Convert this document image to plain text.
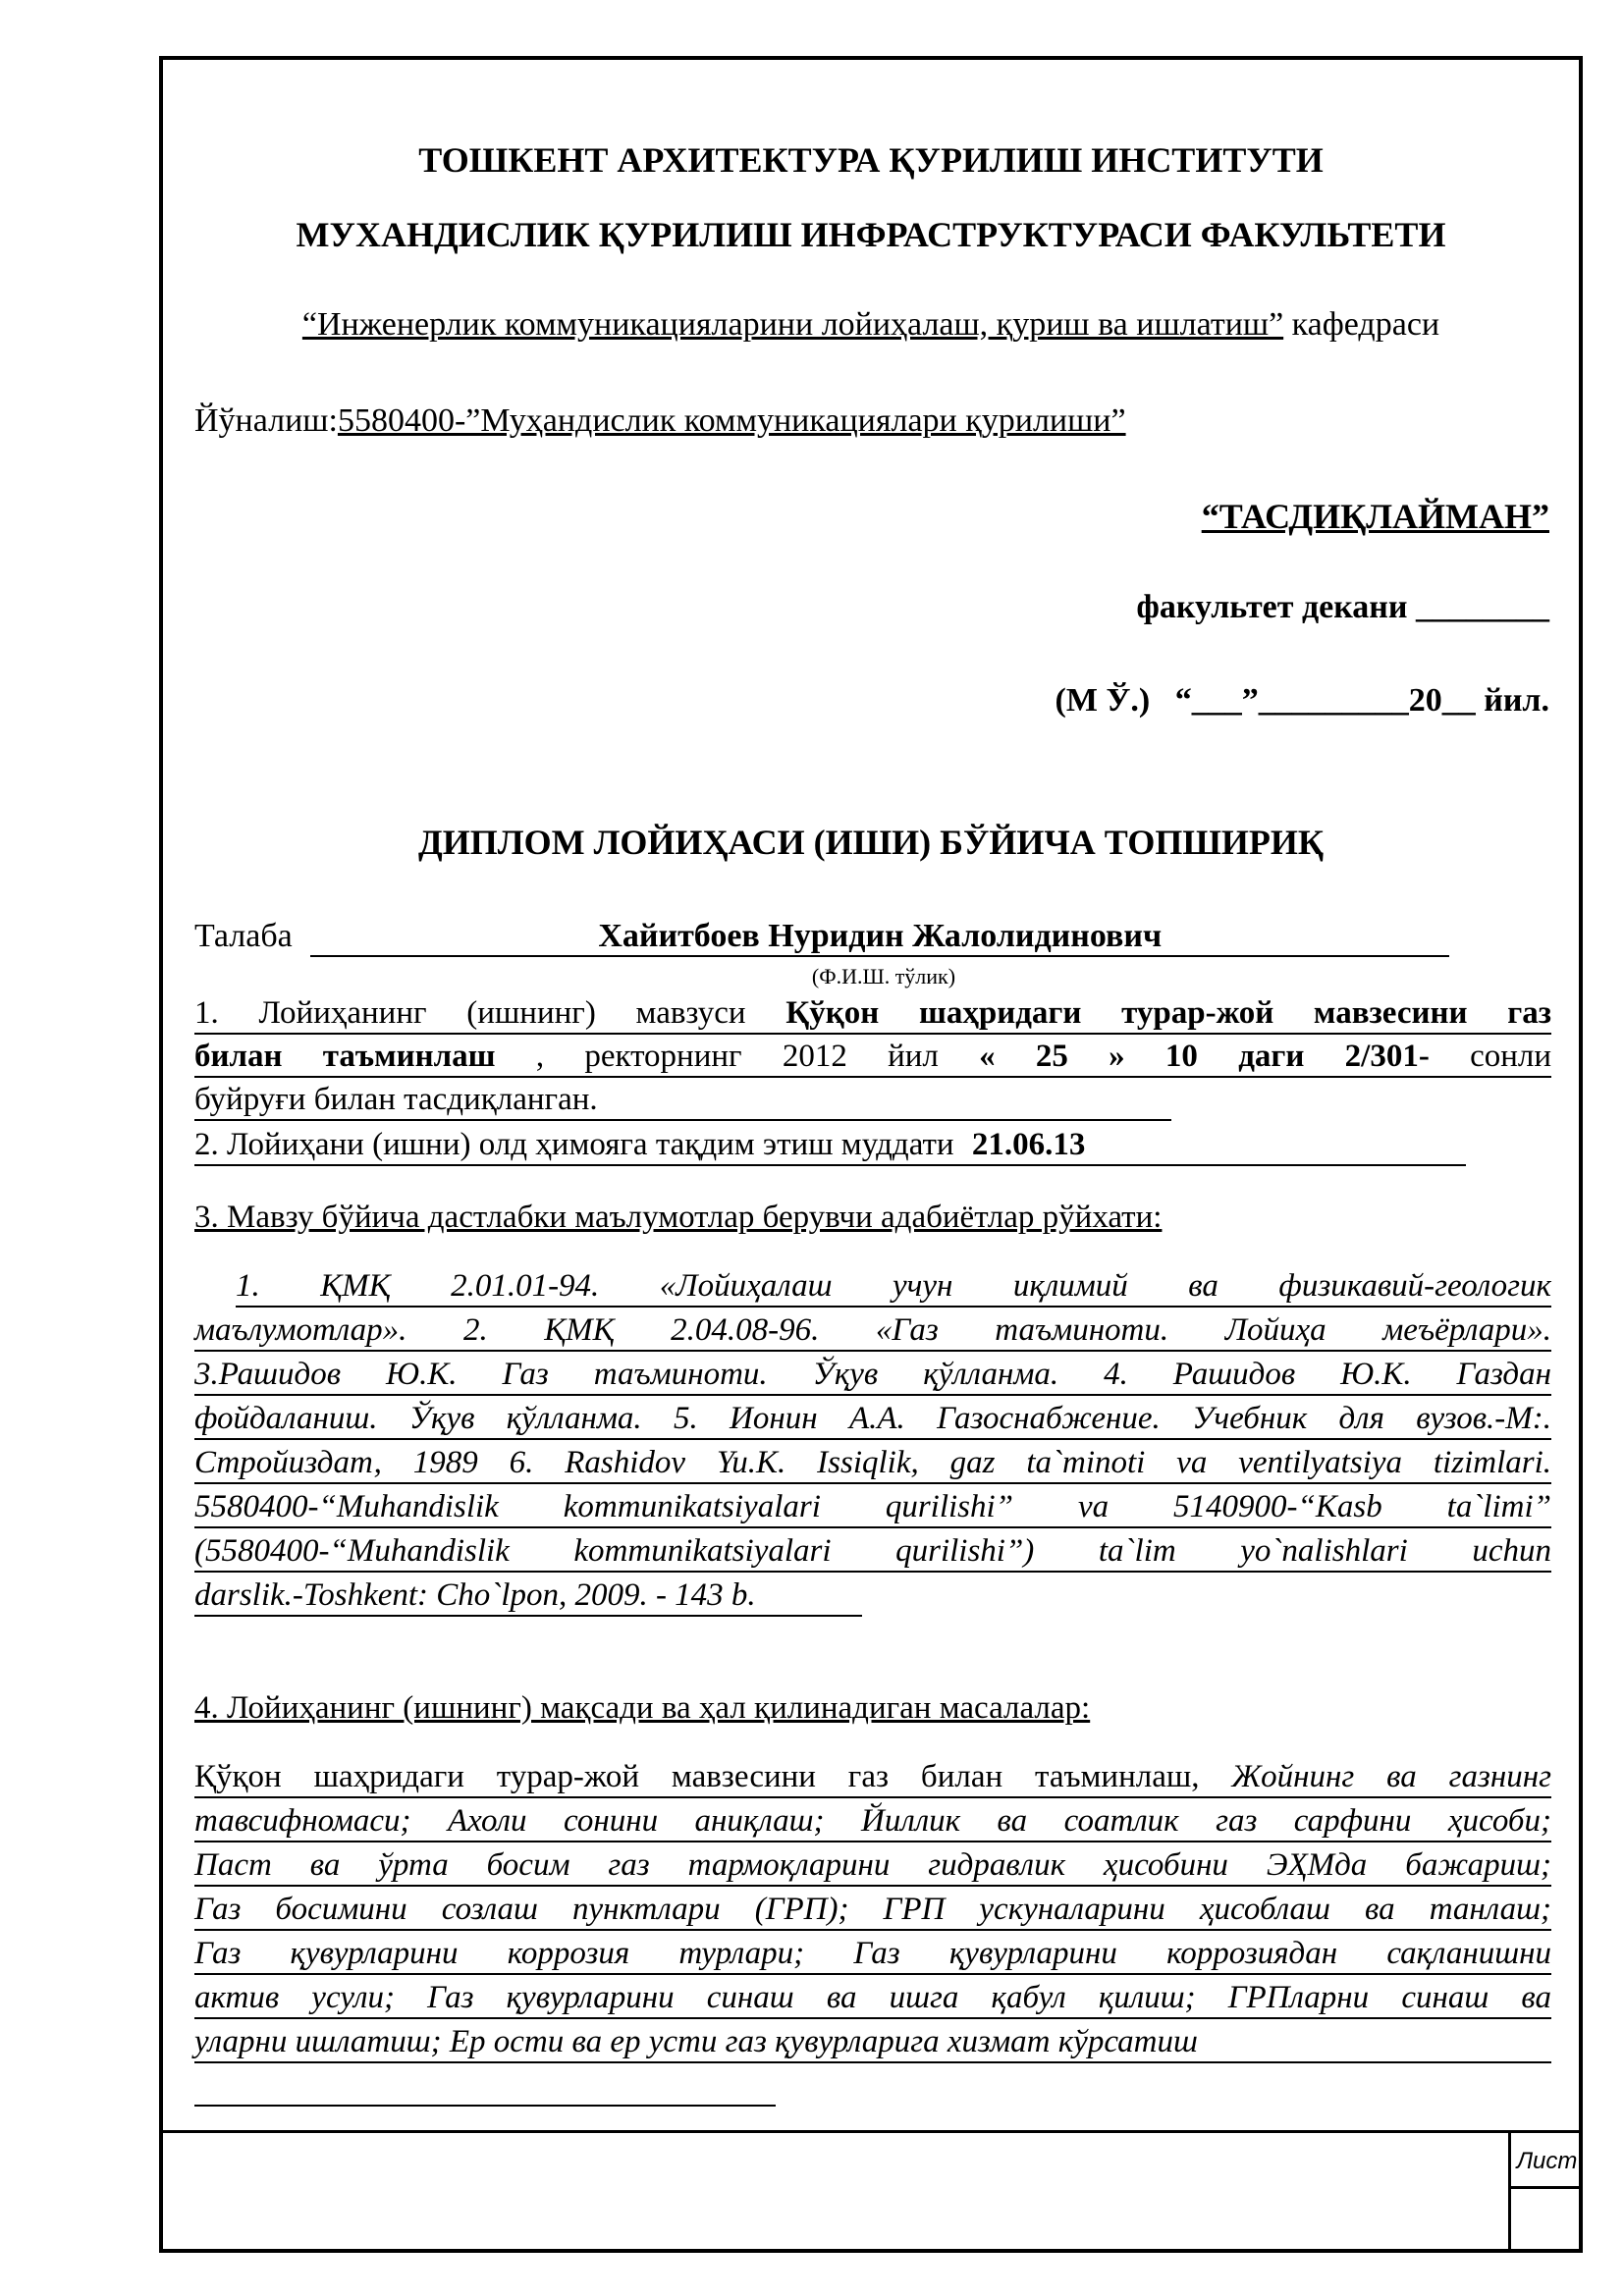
Лист
ТОШКЕНТ АРХИТЕКТУРА ҚУРИЛИШ ИНСТИТУТИ
МУХАНДИСЛИК ҚУРИЛИШ ИНФРАСТРУКТУРАСИ ФАКУЛЬТЕТИ
“Инженерлик коммуникацияларини лойиҳалаш, қуриш ва ишлатиш” кафедраси
Йўналиш:5580400-”Муҳандислик коммуникациялари қурилиши”
“ТАСДИҚЛАЙМАН”
факультет декани ________
(М Ў.)   “___”_________20__ йил.
ДИПЛОМ ЛОЙИҲАСИ (ИШИ) БЎЙИЧА ТОПШИРИҚ
Талаба	Хайитбоев Нуридин Жалолидинович
(Ф.И.Ш. тўлик)
1. Лойиҳанинг (ишнинг) мавзуси Қўқон шаҳридаги турар-жой мавзесини газ
билан таъминлаш , ректорнинг 2012 йил « 25 » 10 даги 2/301- сонли
буйруғи билан тасдиқланган.
2. Лойиҳани (ишни) олд ҳимояга тақдим этиш муддати 21.06.13
3. Мавзу бўйича дастлабки маълумотлар берувчи адабиётлар рўйхати:
1. ҚМҚ 2.01.01-94. «Лойиҳалаш учун иқлимий ва физикавий-геологик
маълумотлар». 2. ҚМҚ 2.04.08-96. «Газ таъминоти. Лойиҳа меъёрлари».
3.Рашидов Ю.К. Газ таъминоти. Ўқув қўлланма. 4. Рашидов Ю.К. Газдан
фойдаланиш. Ўқув қўлланма. 5. Ионин А.А. Газоснабжение. Учебник для вузов.-М:.
Стройиздат, 1989 6. Rashidov Yu.K. Issiqlik, gaz ta`minoti va ventilyatsiya tizimlari.
5580400-“Muhandislik kommunikatsiyalari qurilishi” va 5140900-“Kasb ta`limi”
(5580400-“Muhandislik kommunikatsiyalari qurilishi”) ta`lim yo`nalishlari uchun
darslik.-Toshkent: Cho`lpon, 2009. - 143 b.
4. Лойиҳанинг (ишнинг) мақсади ва ҳал қилинадиган масалалар:
Қўқон шаҳридаги турар-жой мавзесини газ билан таъминлаш, Жойнинг ва газнинг
тавсифномаси; Ахоли сонини аниқлаш; Йиллик ва соатлик газ сарфини ҳисоби;
Паст ва ўрта босим газ тармоқларини гидравлик ҳисобини ЭҲМда бажариш;
Газ босимини созлаш пунктлари (ГРП); ГРП ускуналарини ҳисоблаш ва танлаш;
Газ қувурларини коррозия турлари; Газ қувурларини коррозиядан сақланишни
актив усули; Газ қувурларини синаш ва ишга қабул қилиш; ГРПларни синаш ва
уларни ишлатиш; Ер ости ва ер усти газ қувурларига хизмат кўрсатиш
